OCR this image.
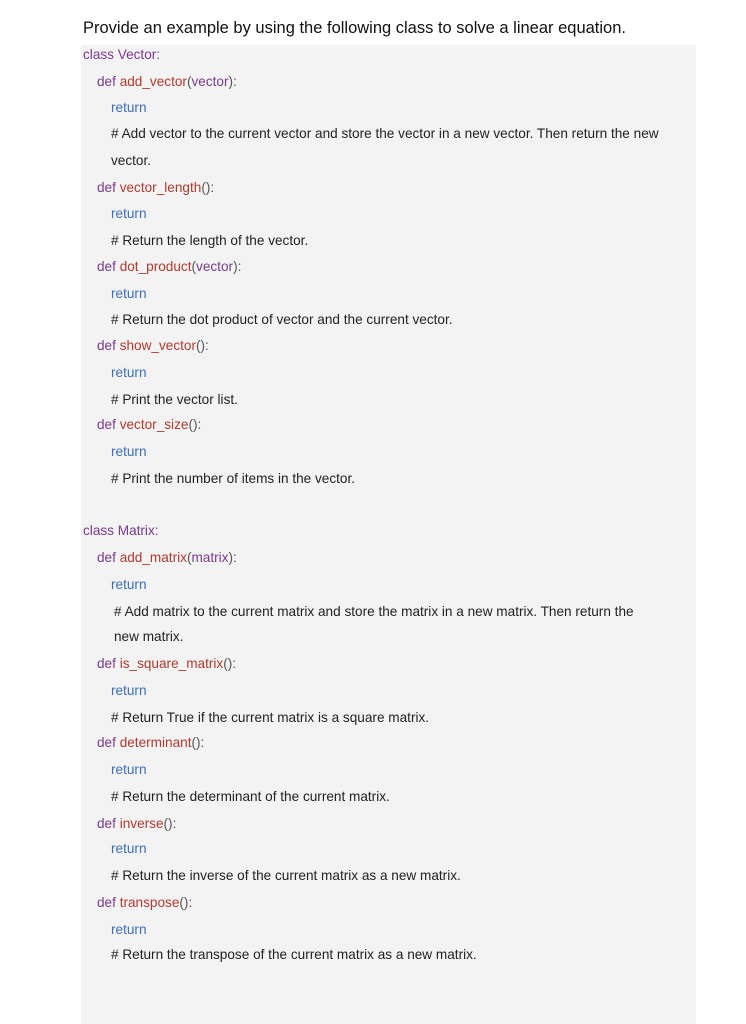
Provide an example by using the following class to solve a linear equation.
class Vector:
def add_vector(vector):
return
# Add vector to the current vector and store the vector in a new vector. Then return the new
vector.
def vector_length():
return
# Return the length of the vector.
def dot_product(vector):
return
# Return the dot product of vector and the current vector.
def show_vector():
return
# Print the vector list.
def vector_size():
return
# Print the number of items in the vector.
class Matrix:
def add_matrix(matrix):
return
# Add matrix to the current matrix and store the matrix in a new matrix. Then return the
new matrix.
def is_square_matrix():
return
# Return True if the current matrix is a square matrix.
def determinant():
return
# Return the determinant of the current matrix.
def inverse():
return
# Return the inverse of the current matrix as a new matrix.
def transpose():
return
# Return the transpose of the current matrix as a new matrix.
